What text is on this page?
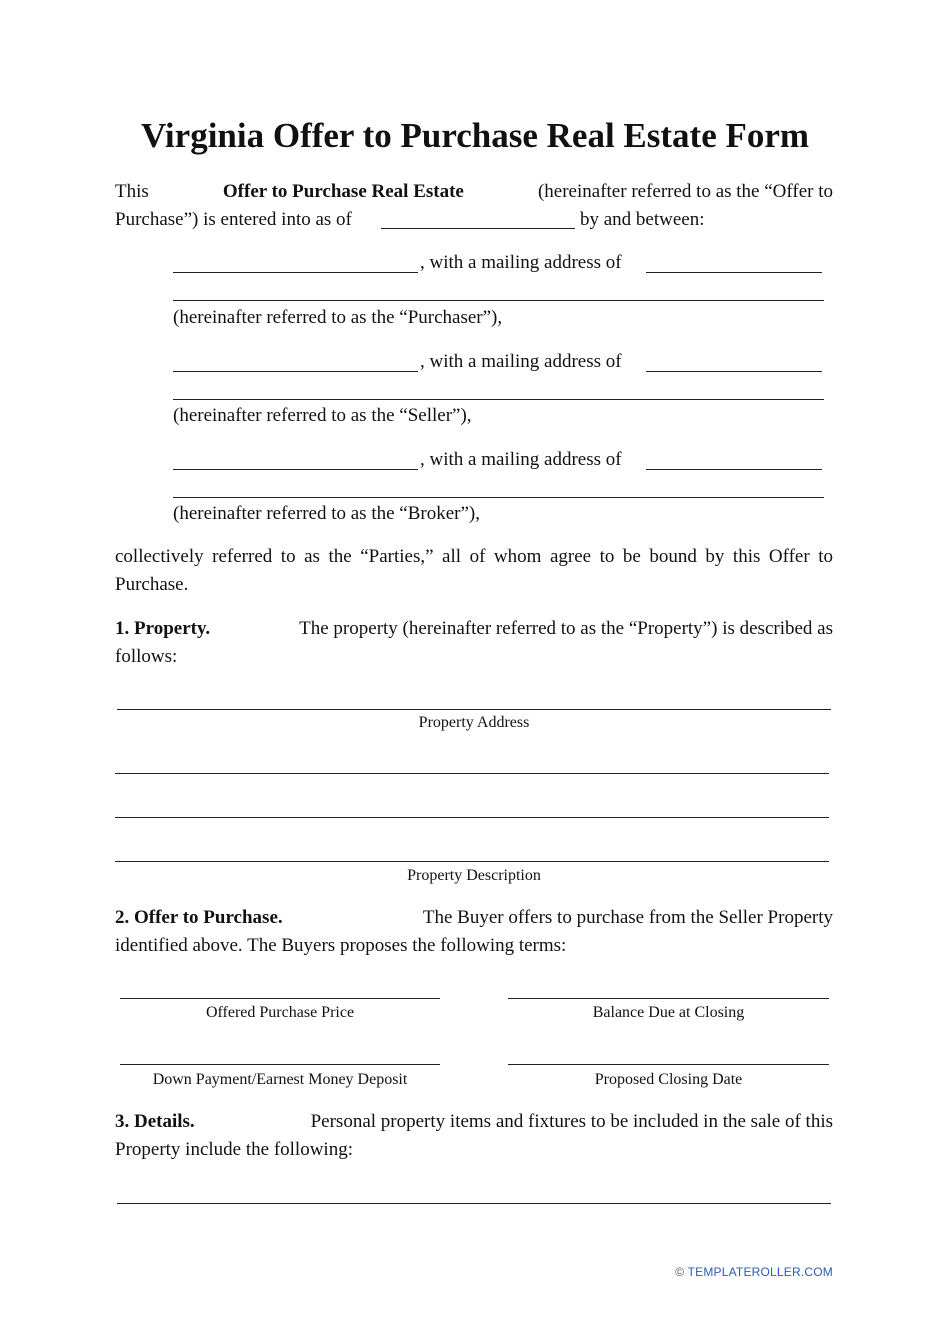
Virginia Offer to Purchase Real Estate Form
This	Offer to Purchase Real Estate	(hereinafter referred to as the “Offer to
Purchase”) is entered into as of	by and between:
, with a mailing address of
(hereinafter referred to as the “Purchaser”),
, with a mailing address of
(hereinafter referred to as the “Seller”),
, with a mailing address of
(hereinafter referred to as the “Broker”),
collectively referred to as the “Parties,” all of whom agree to be bound by this Offer to
Purchase.
1. Property.	The property (hereinafter referred to as the “Property”) is described as
follows:
Property Address
Property Description
2. Offer to Purchase.	The Buyer offers to purchase from the Seller Property
identified above. The Buyers proposes the following terms:
Offered Purchase Price	Balance Due at Closing
Down Payment/Earnest Money Deposit	Proposed Closing Date
3. Details.	Personal property items and fixtures to be included in the sale of this
Property include the following:
© TEMPLATEROLLER.COM
